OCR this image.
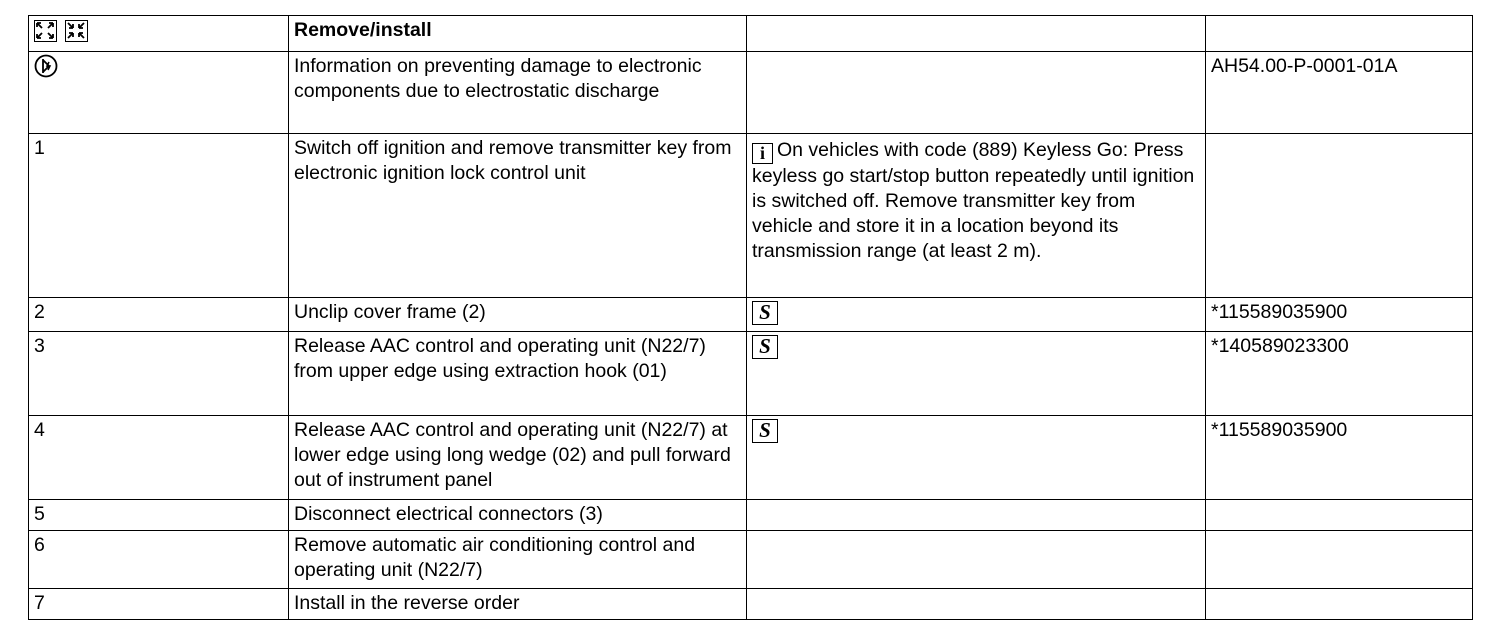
	Remove/install		
	Information on preventing damage to electronic components due to electrostatic discharge		AH54.00-P-0001-01A
1	Switch off ignition and remove transmitter key from electronic ignition lock control unit	i On vehicles with code (889) Keyless Go: Press keyless go start/stop button repeatedly until ignition is switched off. Remove transmitter key from vehicle and store it in a location beyond its transmission range (at least 2 m).	
2	Unclip cover frame (2)	S	*115589035900
3	Release AAC control and operating unit (N22/7) from upper edge using extraction hook (01)	S	*140589023300
4	Release AAC control and operating unit (N22/7) at lower edge using long wedge (02) and pull forward out of instrument panel	S	*115589035900
5	Disconnect electrical connectors (3)		
6	Remove automatic air conditioning control and operating unit (N22/7)		
7	Install in the reverse order		
